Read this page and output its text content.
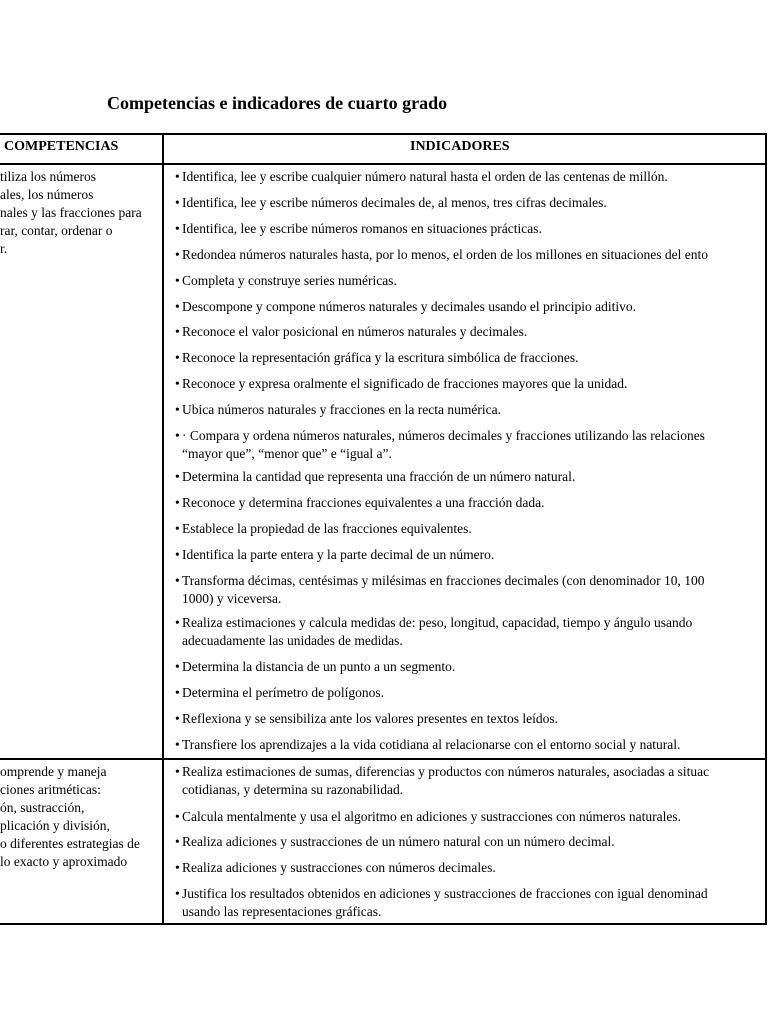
Competencias e indicadores de cuarto grado
COMPETENCIAS	INDICADORES
tiliza los números
ales, los números
nales y las fracciones para
rar, contar, ordenar o
r.
• Identifica, lee y escribe cualquier número natural hasta el orden de las centenas de millón.
• Identifica, lee y escribe números decimales de, al menos, tres cifras decimales.
• Identifica, lee y escribe números romanos en situaciones prácticas.
• Redondea números naturales hasta, por lo menos, el orden de los millones en situaciones del ento
• Completa y construye series numéricas.
• Descompone y compone números naturales y decimales usando el principio aditivo.
• Reconoce el valor posicional en números naturales y decimales.
• Reconoce la representación gráfica y la escritura simbólica de fracciones.
• Reconoce y expresa oralmente el significado de fracciones mayores que la unidad.
• Ubica números naturales y fracciones en la recta numérica.
• · Compara y ordena números naturales, números decimales y fracciones utilizando las relaciones
“mayor que”, “menor que” e “igual a”.
• Determina la cantidad que representa una fracción de un número natural.
• Reconoce y determina fracciones equivalentes a una fracción dada.
• Establece la propiedad de las fracciones equivalentes.
• Identifica la parte entera y la parte decimal de un número.
• Transforma décimas, centésimas y milésimas en fracciones decimales (con denominador 10, 100
1000) y viceversa.
• Realiza estimaciones y calcula medidas de: peso, longitud, capacidad, tiempo y ángulo usando
adecuadamente las unidades de medidas.
• Determina la distancia de un punto a un segmento.
• Determina el perímetro de polígonos.
• Reflexiona y se sensibiliza ante los valores presentes en textos leídos.
• Transfiere los aprendizajes a la vida cotidiana al relacionarse con el entorno social y natural.
omprende y maneja
ciones aritméticas:
ón, sustracción,
plicación y división,
o diferentes estrategias de
lo exacto y aproximado
• Realiza estimaciones de sumas, diferencias y productos con números naturales, asociadas a situac
cotidianas, y determina su razonabilidad.
• Calcula mentalmente y usa el algoritmo en adiciones y sustracciones con números naturales.
• Realiza adiciones y sustracciones de un número natural con un número decimal.
• Realiza adiciones y sustracciones con números decimales.
• Justifica los resultados obtenidos en adiciones y sustracciones de fracciones con igual denominad
usando las representaciones gráficas.
